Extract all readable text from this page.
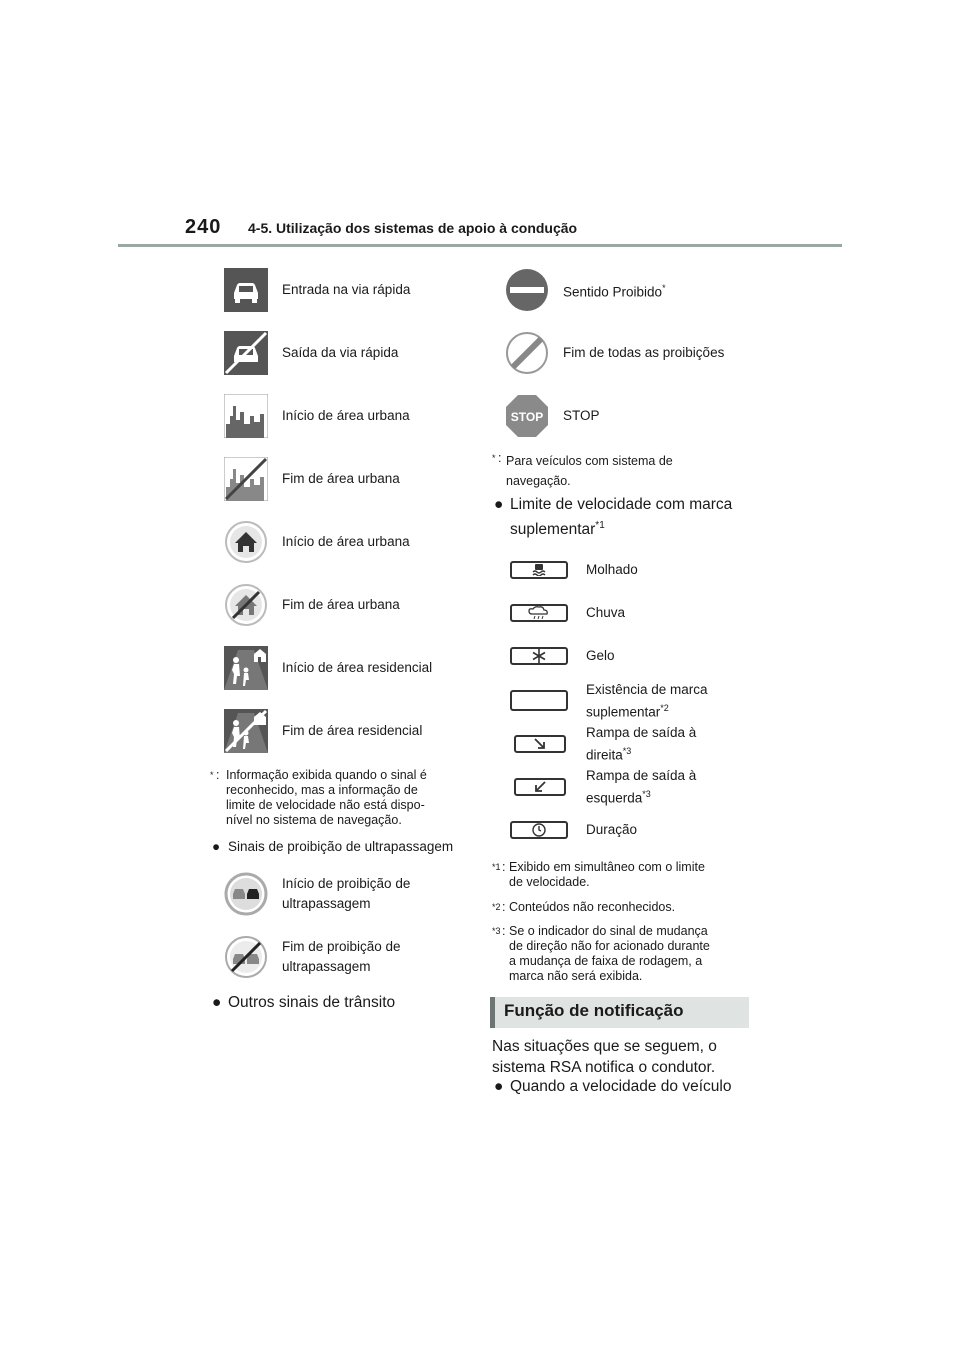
240 4-5. Utilização dos sistemas de apoio à condução
Entrada na via rápida
Saída da via rápida
Início de área urbana
Fim de área urbana
Início de área urbana
Fim de área urbana
Início de área residencial
Fim de área residencial
* : Informação exibida quando o sinal é
reconhecido, mas a informação de
limite de velocidade não está dispo-
nível no sistema de navegação.
● Sinais de proibição de ultrapassagem
Início de proibição de
ultrapassagem
Fim de proibição de
ultrapassagem
● Outros sinais de trânsito
Sentido Proibido*
Fim de todas as proibições
STOP STOP
* : Para veículos com sistema de
navegação.
● Limite de velocidade com marca
suplementar$^{*1}$
Molhado
Chuva
Gelo
Existência de marca
suplementar$^{*2}$
Rampa de saída à
direita$^{*3}$
Rampa de saída à
esquerda$^{*3}$
Duração
*1 : Exibido em simultâneo com o limite
de velocidade.
*2 : Conteúdos não reconhecidos.
*3 : Se o indicador do sinal de mudança
de direção não for acionado durante
a mudança de faixa de rodagem, a
marca não será exibida.
Função de notificação
Nas situações que se seguem, o sistema RSA notifica o condutor.
● Quando a velocidade do veículo
